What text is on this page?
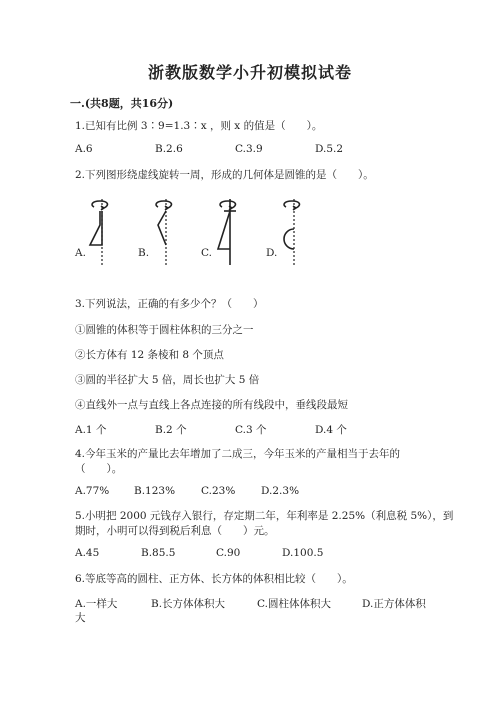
浙教版数学小升初模拟试卷
一.(共8题，共16分)
1.已知有比例 3∶9=1.3∶x ，则 x 的值是（　　）。
A.6	B.2.6	C.3.9	D.5.2
2.下列图形绕虚线旋转一周，形成的几何体是圆锥的是（　　）。
A.	B.	C.	D.
3.下列说法，正确的有多少个？（　　）
①圆锥的体积等于圆柱体积的三分之一
②长方体有 12 条棱和 8 个顶点
③圆的半径扩大 5 倍，周长也扩大 5 倍
④直线外一点与直线上各点连接的所有线段中，垂线段最短
A.1 个	B.2 个	C.3 个	D.4 个
4.今年玉米的产量比去年增加了二成三，今年玉米的产量相当于去年的
（　　）。
A.77% B.123% C.23% D.2.3%
5.小明把 2000 元钱存入银行，存定期二年，年利率是 2.25%（利息税 5%），到
期时，小明可以得到税后利息（　　）元。
A.45	B.85.5	C.90	D.100.5
6.等底等高的圆柱、正方体、长方体的体积相比较（　　）。
A.一样大	B.长方体体积大	C.圆柱体体积大	D.正方体体积
大
